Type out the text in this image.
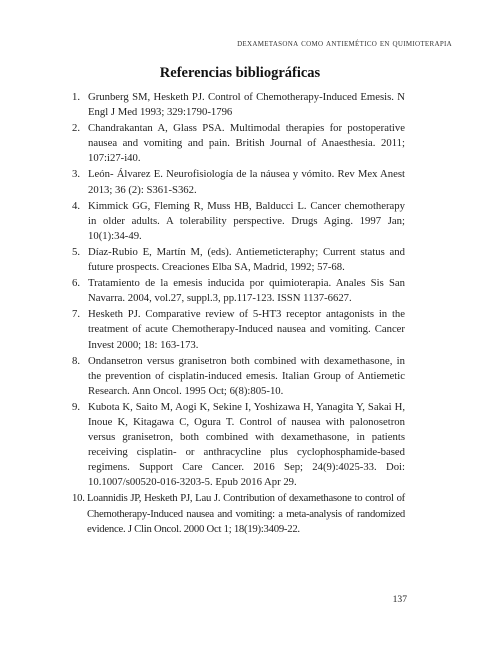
dexametasona como antiemético en quimioterapia
Referencias bibliográficas
1. Grunberg SM, Hesketh PJ. Control of Chemotherapy-Induced Emesis. N Engl J Med 1993; 329:1790-1796
2. Chandrakantan A, Glass PSA. Multimodal therapies for postoperative nausea and vomiting and pain. British Journal of Anaesthesia. 2011; 107:i27-i40.
3. León- Álvarez E. Neurofisiología de la náusea y vómito. Rev Mex Anest 2013; 36 (2): S361-S362.
4. Kimmick GG, Fleming R, Muss HB, Balducci L. Cancer chemotherapy in older adults. A tolerability perspective. Drugs Aging. 1997 Jan; 10(1):34-49.
5. Díaz-Rubio E, Martín M, (eds). Antiemeticteraphy; Current status and future prospects. Creaciones Elba SA, Madrid, 1992; 57-68.
6. Tratamiento de la emesis inducida por quimioterapia. Anales Sis San Navarra. 2004, vol.27, suppl.3, pp.117-123. ISSN 1137-6627.
7. Hesketh PJ. Comparative review of 5-HT3 receptor antagonists in the treatment of acute Chemotherapy-Induced nausea and vomiting. Cancer Invest 2000; 18: 163-173.
8. Ondansetron versus granisetron both combined with dexamethasone, in the prevention of cisplatin-induced emesis. Italian Group of Antiemetic Research. Ann Oncol. 1995 Oct; 6(8):805-10.
9. Kubota K, Saito M, Aogi K, Sekine I, Yoshizawa H, Yanagita Y, Sakai H, Inoue K, Kitagawa C, Ogura T. Control of nausea with palonosetron versus granisetron, both combined with dexamethasone, in patients receiving cisplatin- or anthracycline plus cyclophosphamide-based regimens. Support Care Cancer. 2016 Sep; 24(9):4025-33. Doi: 10.1007/s00520-016-3203-5. Epub 2016 Apr 29.
10. Loannidis JP, Hesketh PJ, Lau J. Contribution of dexamethasone to control of Chemotherapy-Induced nausea and vomiting: a meta-analysis of randomized evidence. J Clin Oncol. 2000 Oct 1; 18(19):3409-22.
137
